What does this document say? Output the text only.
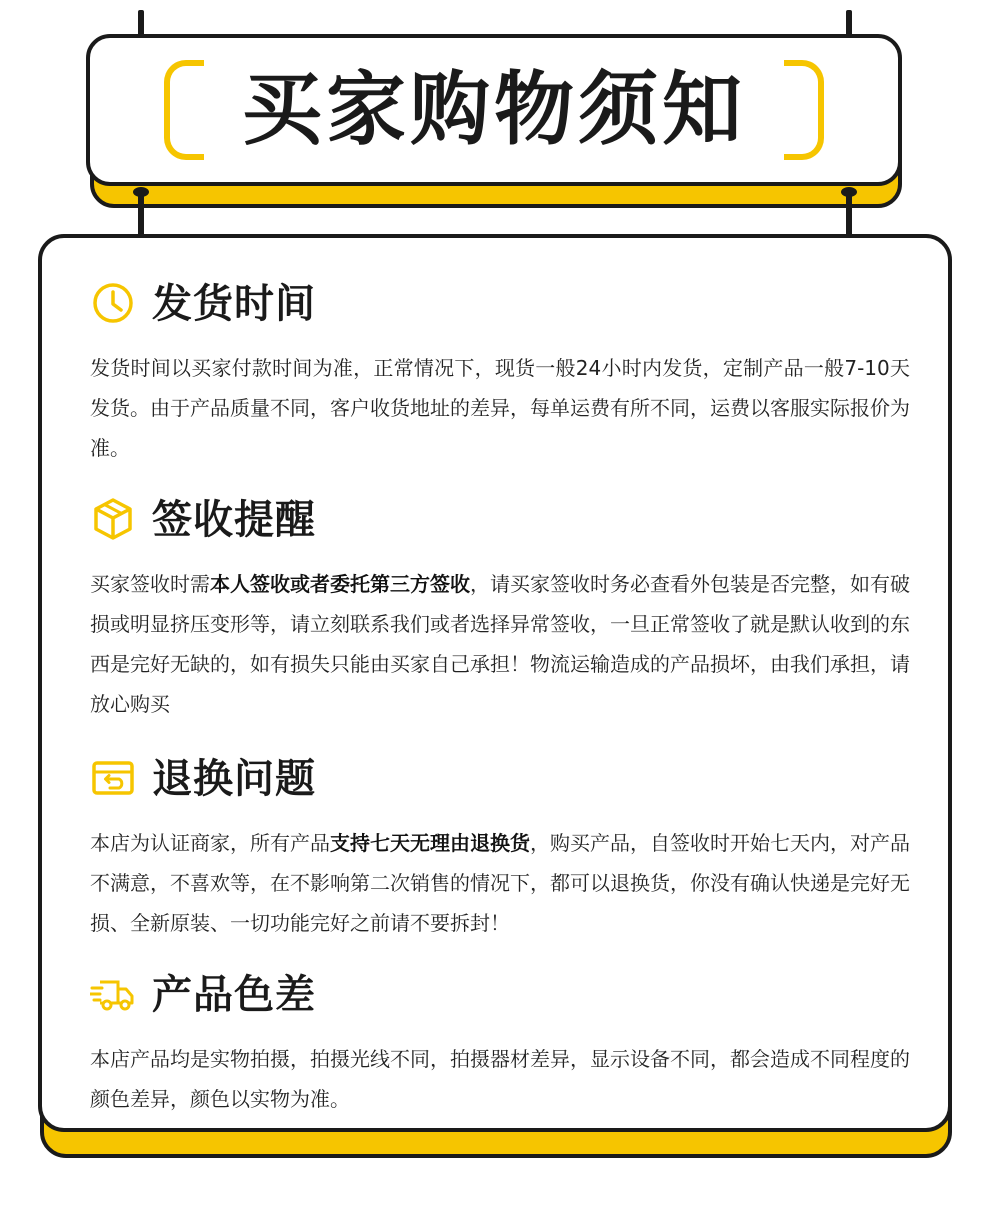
买家购物须知
发货时间

发货时间以买家付款时间为准，正常情况下，现货一般24小时内发货，定制产品一般7-10天发货。由于产品质量不同，客户收货地址的差异，每单运费有所不同，运费以客服实际报价为准。

签收提醒

买家签收时需本人签收或者委托第三方签收，请买家签收时务必查看外包装是否完整，如有破损或明显挤压变形等，请立刻联系我们或者选择异常签收，一旦正常签收了就是默认收到的东西是完好无缺的，如有损失只能由买家自己承担！物流运输造成的产品损坏，由我们承担，请放心购买

退换问题

本店为认证商家，所有产品支持七天无理由退换货，购买产品，自签收时开始七天内，对产品不满意，不喜欢等，在不影响第二次销售的情况下，都可以退换货，你没有确认快递是完好无损、全新原装、一切功能完好之前请不要拆封！

产品色差

本店产品均是实物拍摄，拍摄光线不同，拍摄器材差异，显示设备不同，都会造成不同程度的颜色差异，颜色以实物为准。
